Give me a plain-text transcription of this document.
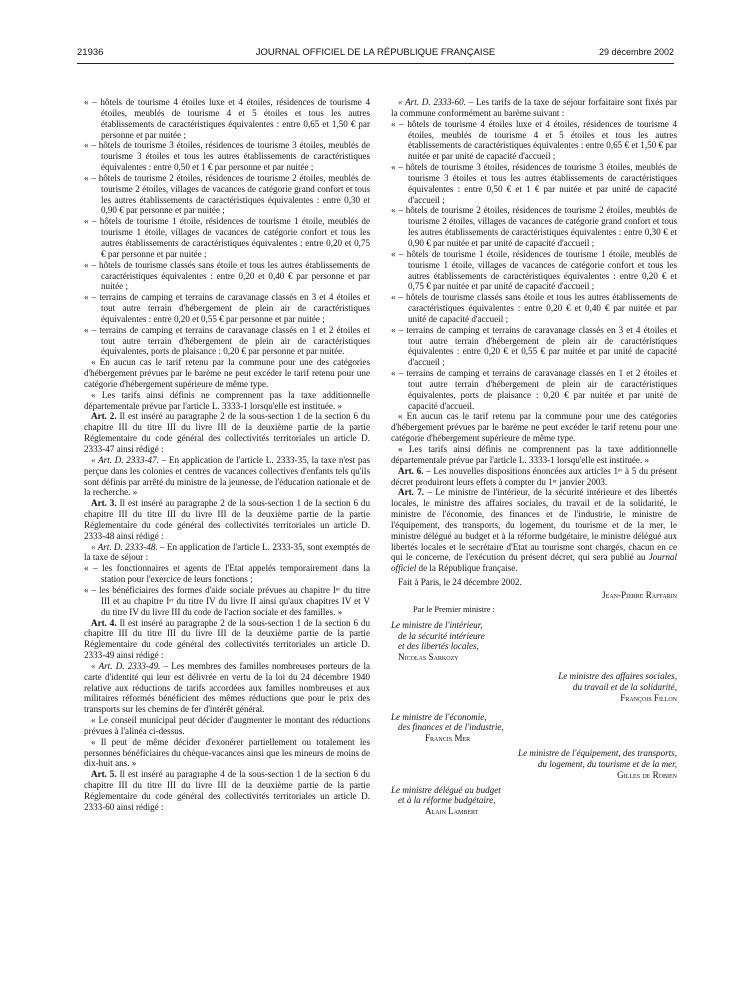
21936	JOURNAL OFFICIEL DE LA RÉPUBLIQUE FRANÇAISE	29 décembre 2002

« – hôtels de tourisme 4 étoiles luxe et 4 étoiles, résidences de tourisme 4 étoiles, meublés de tourisme 4 et 5 étoiles et tous les autres établissements de caractéristiques équivalentes : entre 0,65 et 1,50 € par personne et par nuitée ;

« – hôtels de tourisme 3 étoiles, résidences de tourisme 3 étoiles, meublés de tourisme 3 étoiles et tous les autres établissements de caractéristiques équivalentes : entre 0,50 et 1 € par personne et par nuitée ;

« – hôtels de tourisme 2 étoiles, résidences de tourisme 2 étoiles, meublés de tourisme 2 étoiles, villages de vacances de catégorie grand confort et tous les autres établissements de caractéristiques équivalentes : entre 0,30 et 0,90 € par personne et par nuitée ;

« – hôtels de tourisme 1 étoile, résidences de tourisme 1 étoile, meublés de tourisme 1 étoile, villages de vacances de catégorie confort et tous les autres établissements de caractéristiques équivalentes : entre 0,20 et 0,75 € par personne et par nuitée ;

« – hôtels de tourisme classés sans étoile et tous les autres établissements de caractéristiques équivalentes : entre 0,20 et 0,40 € par personne et par nuitée ;

« – terrains de camping et terrains de caravanage classés en 3 et 4 étoiles et tout autre terrain d'hébergement de plein air de caractéristiques équivalentes : entre 0,20 et 0,55 € par personne et par nuitée ;

« – terrains de camping et terrains de caravanage classés en 1 et 2 étoiles et tout autre terrain d'hébergement de plein air de caractéristiques équivalentes, ports de plaisance : 0,20 € par personne et par nuitée.

« En aucun cas le tarif retenu par la commune pour une des catégories d'hébergement prévues par le barème ne peut excéder le tarif retenu pour une catégorie d'hébergement supérieure de même type.

« Les tarifs ainsi définis ne comprennent pas la taxe additionnelle départementale prévue par l'article L. 3333-1 lorsqu'elle est instituée. »

Art. 2. Il est inséré au paragraphe 2 de la sous-section 1 de la section 6 du chapitre III du titre III du livre III de la deuxième partie de la partie Réglementaire du code général des collectivités territoriales un article D. 2333-47 ainsi rédigé :

« Art. D. 2333-47. – En application de l'article L. 2333-35, la taxe n'est pas perçue dans les colonies et centres de vacances collectives d'enfants tels qu'ils sont définis par arrêté du ministre de la jeunesse, de l'éducation nationale et de la recherche. »

Art. 3. Il est inséré au paragraphe 2 de la sous-section 1 de la section 6 du chapitre III du titre III du livre III de la deuxième partie de la partie Réglementaire du code général des collectivités territoriales un article D. 2333-48 ainsi rédigé :

« Art. D. 2333-48. – En application de l'article L. 2333-35, sont exemptés de la taxe de séjour :

« – les fonctionnaires et agents de l'Etat appelés temporairement dans la station pour l'exercice de leurs fonctions ;

« – les bénéficiaires des formes d'aide sociale prévues au chapitre Iᵉʳ du titre III et au chapitre Iᵉʳ du titre IV du livre II ainsi qu'aux chapitres IV et V du titre IV du livre III du code de l'action sociale et des familles. »

Art. 4. Il est inséré au paragraphe 2 de la sous-section 1 de la section 6 du chapitre III du titre III du livre III de la deuxième partie de la partie Réglementaire du code général des collectivités territoriales un article D. 2333-49 ainsi rédigé :

« Art. D. 2333-49. – Les membres des familles nombreuses porteurs de la carte d'identité qui leur est délivrée en vertu de la loi du 24 décembre 1940 relative aux réductions de tarifs accordées aux familles nombreuses et aux militaires réformés bénéficient des mêmes réductions que pour le prix des transports sur les chemins de fer d'intérêt général.

« Le conseil municipal peut décider d'augmenter le montant des réductions prévues à l'alinéa ci-dessus.

« Il peut de même décider d'exonérer partiellement ou totalement les personnes bénéficiaires du chèque-vacances ainsi que les mineurs de moins de dix-huit ans. »

Art. 5. Il est inséré au paragraphe 4 de la sous-section 1 de la section 6 du chapitre III du titre III du livre III de la deuxième partie de la partie Réglementaire du code général des collectivités territoriales un article D. 2333-60 ainsi rédigé :

« Art. D. 2333-60. – Les tarifs de la taxe de séjour forfaitaire sont fixés par la commune conformément au barème suivant :

« – hôtels de tourisme 4 étoiles luxe et 4 étoiles, résidences de tourisme 4 étoiles, meublés de tourisme 4 et 5 étoiles et tous les autres établissements de caractéristiques équivalentes : entre 0,65 € et 1,50 € par nuitée et par unité de capacité d'accueil ;

« – hôtels de tourisme 3 étoiles, résidences de tourisme 3 étoiles, meublés de tourisme 3 étoiles et tous les autres établissements de caractéristiques équivalentes : entre 0,50 € et 1 € par nuitée et par unité de capacité d'accueil ;

« – hôtels de tourisme 2 étoiles, résidences de tourisme 2 étoiles, meublés de tourisme 2 étoiles, villages de vacances de catégorie grand confort et tous les autres établissements de caractéristiques équivalentes : entre 0,30 € et 0,90 € par nuitée et par unité de capacité d'accueil ;

« – hôtels de tourisme 1 étoile, résidences de tourisme 1 étoile, meublés de tourisme 1 étoile, villages de vacances de catégorie confort et tous les autres établissements de caractéristiques équivalentes : entre 0,20 € et 0,75 € par nuitée et par unité de capacité d'accueil ;

« – hôtels de tourisme classés sans étoile et tous les autres établissements de caractéristiques équivalentes : entre 0,20 € et 0,40 € par nuitée et par unité de capacité d'accueil ;

« – terrains de camping et terrains de caravanage classés en 3 et 4 étoiles et tout autre terrain d'hébergement de plein air de caractéristiques équivalentes : entre 0,20 € et 0,55 € par nuitée et par unité de capacité d'accueil ;

« – terrains de camping et terrains de caravanage classés en 1 et 2 étoiles et tout autre terrain d'hébergement de plein air de caractéristiques équivalentes, ports de plaisance : 0,20 € par nuitée et par unité de capacité d'accueil.

« En aucun cas le tarif retenu par la commune pour une des catégories d'hébergement prévues par le barème ne peut excéder le tarif retenu pour une catégorie d'hébergement supérieure de même type.

« Les tarifs ainsi définis ne comprennent pas la taxe additionnelle départementale prévue par l'article L. 3333-1 lorsqu'elle est instituée. »

Art. 6. – Les nouvelles dispositions énoncées aux articles 1ᵉʳ à 5 du présent décret produiront leurs effets à compter du 1ᵉʳ janvier 2003.

Art. 7. – Le ministre de l'intérieur, de la sécurité intérieure et des libertés locales, le ministre des affaires sociales, du travail et de la solidarité, le ministre de l'économie, des finances et de l'industrie, le ministre de l'équipement, des transports, du logement, du tourisme et de la mer, le ministre délégué au budget et à la réforme budgétaire, le ministre délégué aux libertés locales et le secrétaire d'Etat au tourisme sont chargés, chacun en ce qui le concerne, de l'exécution du présent décret, qui sera publié au Journal officiel de la République française.

Fait à Paris, le 24 décembre 2002.

Jean-Pierre Raffarin

Par le Premier ministre :

Le ministre de l'intérieur,

de la sécurité intérieure

et des libertés locales,

Nicolas Sarkozy

Le ministre des affaires sociales,

du travail et de la solidarité,

François Fillon

Le ministre de l'économie,

des finances et de l'industrie,

Francis Mer

Le ministre de l'équipement, des transports,

du logement, du tourisme et de la mer,

Gilles de Robien

Le ministre délégué au budget

et à la réforme budgétaire,

Alain Lambert
